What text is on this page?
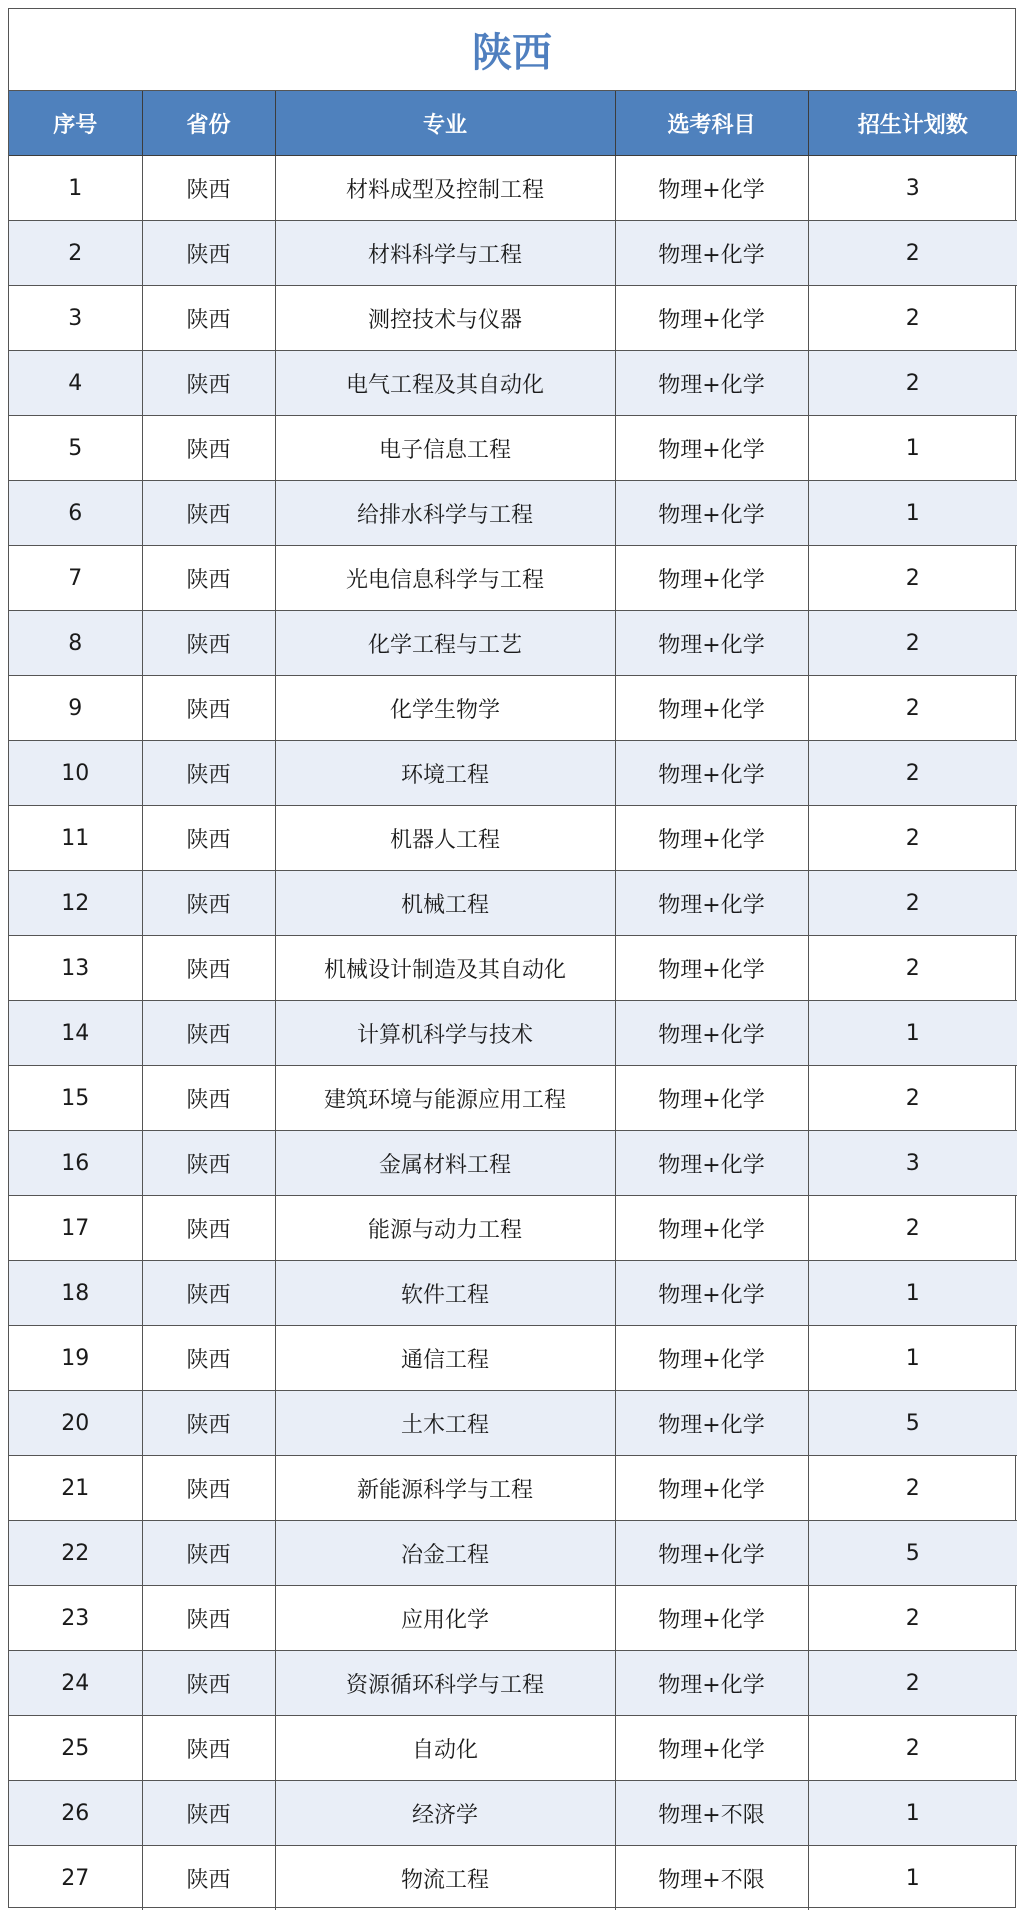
陕西
序号	省份	专业	选考科目	招生计划数
1	陕西	材料成型及控制工程	物理+化学	3
2	陕西	材料科学与工程	物理+化学	2
3	陕西	测控技术与仪器	物理+化学	2
4	陕西	电气工程及其自动化	物理+化学	2
5	陕西	电子信息工程	物理+化学	1
6	陕西	给排水科学与工程	物理+化学	1
7	陕西	光电信息科学与工程	物理+化学	2
8	陕西	化学工程与工艺	物理+化学	2
9	陕西	化学生物学	物理+化学	2
10	陕西	环境工程	物理+化学	2
11	陕西	机器人工程	物理+化学	2
12	陕西	机械工程	物理+化学	2
13	陕西	机械设计制造及其自动化	物理+化学	2
14	陕西	计算机科学与技术	物理+化学	1
15	陕西	建筑环境与能源应用工程	物理+化学	2
16	陕西	金属材料工程	物理+化学	3
17	陕西	能源与动力工程	物理+化学	2
18	陕西	软件工程	物理+化学	1
19	陕西	通信工程	物理+化学	1
20	陕西	土木工程	物理+化学	5
21	陕西	新能源科学与工程	物理+化学	2
22	陕西	冶金工程	物理+化学	5
23	陕西	应用化学	物理+化学	2
24	陕西	资源循环科学与工程	物理+化学	2
25	陕西	自动化	物理+化学	2
26	陕西	经济学	物理+不限	1
27	陕西	物流工程	物理+不限	1
